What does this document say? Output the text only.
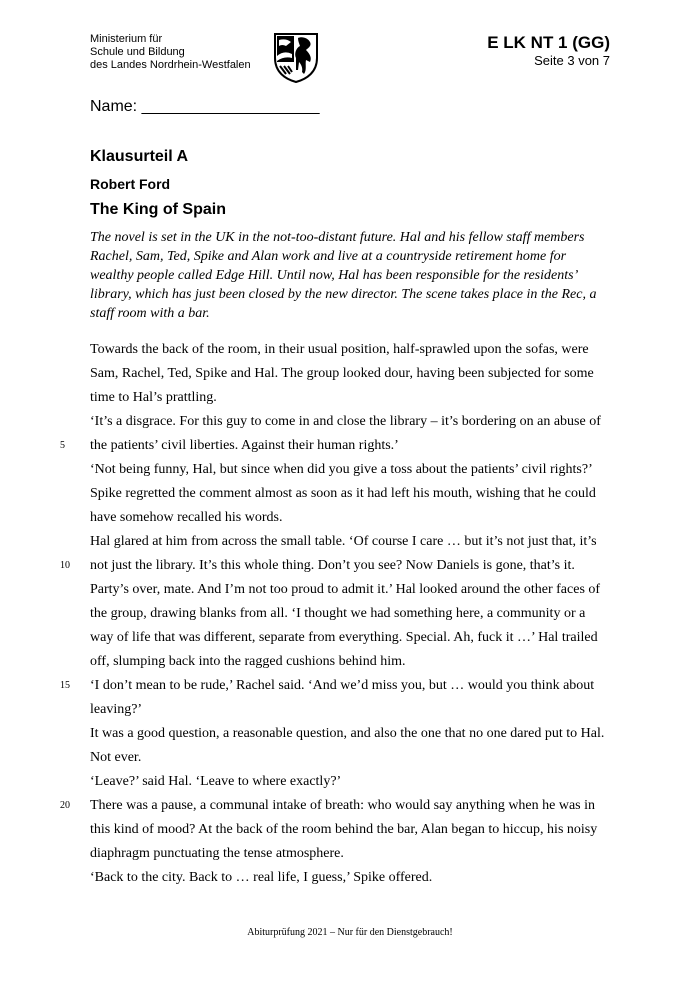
Ministerium für
Schule und Bildung
des Landes Nordrhein-Westfalen
E LK NT 1 (GG)
Seite 3 von 7
Name: ____________________
Klausurteil A
Robert Ford
The King of Spain
The novel is set in the UK in the not-too-distant future. Hal and his fellow staff members
Rachel, Sam, Ted, Spike and Alan work and live at a countryside retirement home for
wealthy people called Edge Hill. Until now, Hal has been responsible for the residents’
library, which has just been closed by the new director. The scene takes place in the Rec, a
staff room with a bar.
Towards the back of the room, in their usual position, half-sprawled upon the sofas, were
Sam, Rachel, Ted, Spike and Hal. The group looked dour, having been subjected for some
time to Hal’s prattling.
‘It’s a disgrace. For this guy to come in and close the library – it’s bordering on an abuse of
5	the patients’ civil liberties. Against their human rights.’
‘Not being funny, Hal, but since when did you give a toss about the patients’ civil rights?’
Spike regretted the comment almost as soon as it had left his mouth, wishing that he could
have somehow recalled his words.
Hal glared at him from across the small table. ‘Of course I care … but it’s not just that, it’s
10	not just the library. It’s this whole thing. Don’t you see? Now Daniels is gone, that’s it.
Party’s over, mate. And I’m not too proud to admit it.’ Hal looked around the other faces of
the group, drawing blanks from all. ‘I thought we had something here, a community or a
way of life that was different, separate from everything. Special. Ah, fuck it …’ Hal trailed
off, slumping back into the ragged cushions behind him.
15	‘I don’t mean to be rude,’ Rachel said. ‘And we’d miss you, but … would you think about
leaving?’
It was a good question, a reasonable question, and also the one that no one dared put to Hal.
Not ever.
‘Leave?’ said Hal. ‘Leave to where exactly?’
20	There was a pause, a communal intake of breath: who would say anything when he was in
this kind of mood? At the back of the room behind the bar, Alan began to hiccup, his noisy
diaphragm punctuating the tense atmosphere.
‘Back to the city. Back to … real life, I guess,’ Spike offered.
Abiturprüfung 2021 – Nur für den Dienstgebrauch!
